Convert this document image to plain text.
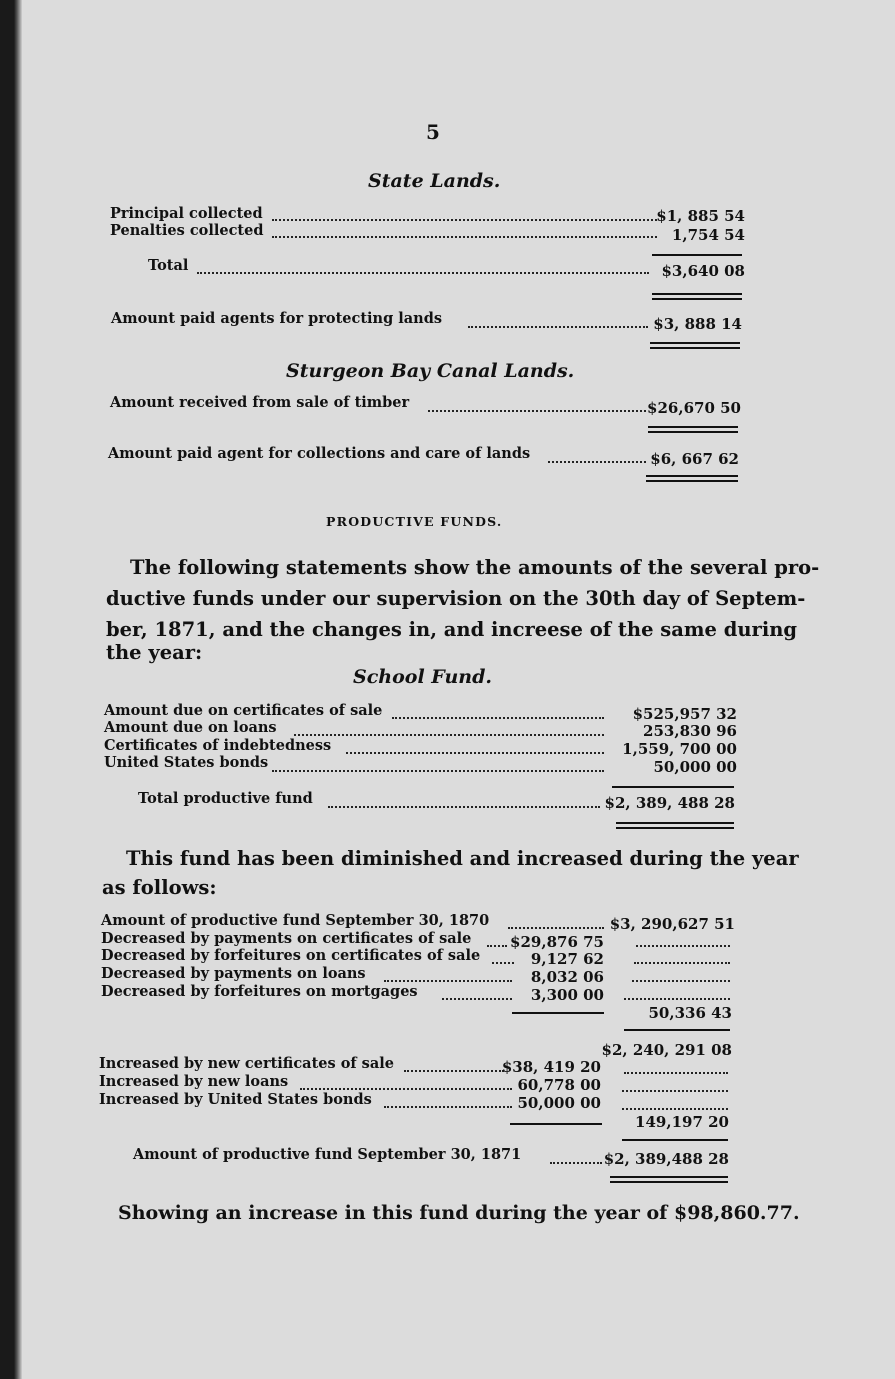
5
State Lands.
Principal collected	$1, 885 54
Penalties collected	1,754 54
Total	$3,640 08
Amount paid agents for protecting lands	$3, 888 14
Sturgeon Bay Canal Lands.
Amount received from sale of timber	$26,670 50
Amount paid agent for collections and care of lands	$6, 667 62
PRODUCTIVE FUNDS.
The following statements show the amounts of the several pro-
ductive funds under our supervision on the 30th day of Septem-
ber, 1871, and the changes in, and increese of the same during
the year:
School Fund.
Amount due on certificates of sale	$525,957 32
Amount due on loans	253,830 96
Certificates of indebtedness	1,559, 700 00
United States bonds	50,000 00
Total productive fund	$2, 389, 488 28
This fund has been diminished and increased during the year
as follows:
Amount of productive fund September 30, 1870	$3, 290,627 51
Decreased by payments on certificates of sale	$29,876 75
Decreased by forfeitures on certificates of sale	9,127 62
Decreased by payments on loans	8,032 06
Decreased by forfeitures on mortgages	3,300 00
50,336 43
$2, 240, 291 08
Increased by new certificates of sale	$38, 419 20
Increased by new loans	60,778 00
Increased by United States bonds	50,000 00
149,197 20
Amount of productive fund September 30, 1871	$2, 389,488 28
Showing an increase in this fund during the year of $98,860.77.
